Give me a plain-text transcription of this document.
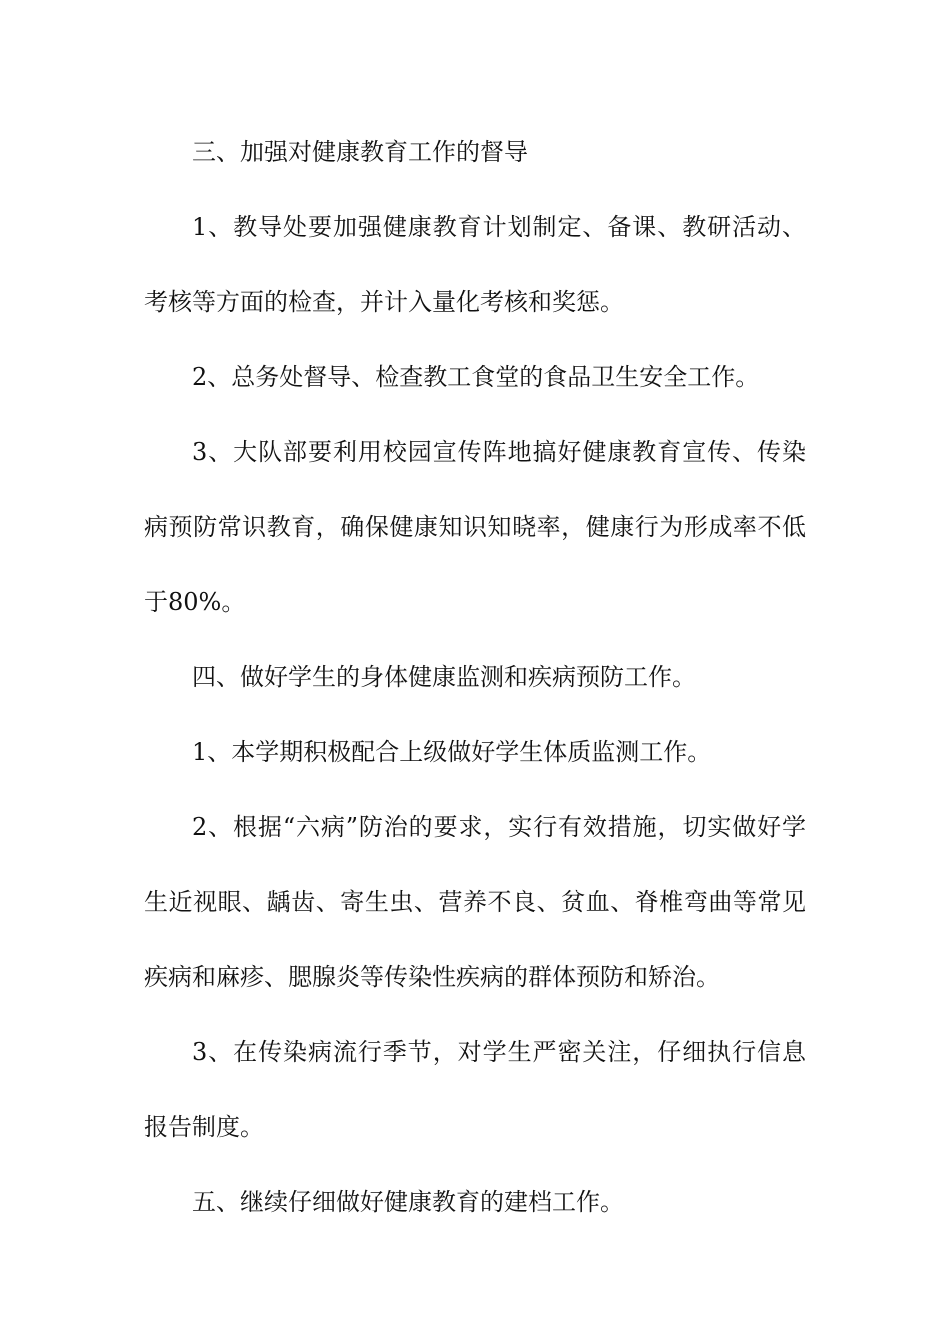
三、加强对健康教育工作的督导

1、教导处要加强健康教育计划制定、备课、教研活动、考核等方面的检查，并计入量化考核和奖惩。

2、总务处督导、检查教工食堂的食品卫生安全工作。

3、大队部要利用校园宣传阵地搞好健康教育宣传、传染病预防常识教育，确保健康知识知晓率，健康行为形成率不低于80%。

四、做好学生的身体健康监测和疾病预防工作。

1、本学期积极配合上级做好学生体质监测工作。

2、根据“六病”防治的要求，实行有效措施，切实做好学生近视眼、龋齿、寄生虫、营养不良、贫血、脊椎弯曲等常见疾病和麻疹、腮腺炎等传染性疾病的群体预防和矫治。

3、在传染病流行季节，对学生严密关注，仔细执行信息报告制度。

五、继续仔细做好健康教育的建档工作。
